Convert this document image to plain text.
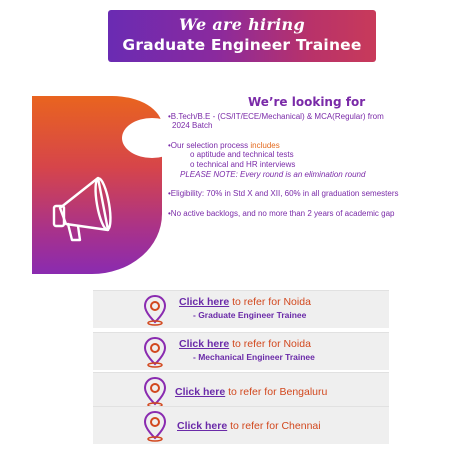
We are hiring
Graduate Engineer Trainee
We’re looking for
•B.Tech/B.E - (CS/IT/ECE/Mechanical) & MCA(Regular) from
2024 Batch
•Our selection process includes
o aptitude and technical tests
o technical and HR interviews
PLEASE NOTE: Every round is an elimination round
•Eligibility: 70% in Std X and XII, 60% in all graduation semesters
•No active backlogs, and no more than 2 years of academic gap
Click here to refer for Noida
- Graduate Engineer Trainee
Click here to refer for Noida
- Mechanical Engineer Trainee
Click here to refer for Bengaluru
Click here to refer for Chennai
